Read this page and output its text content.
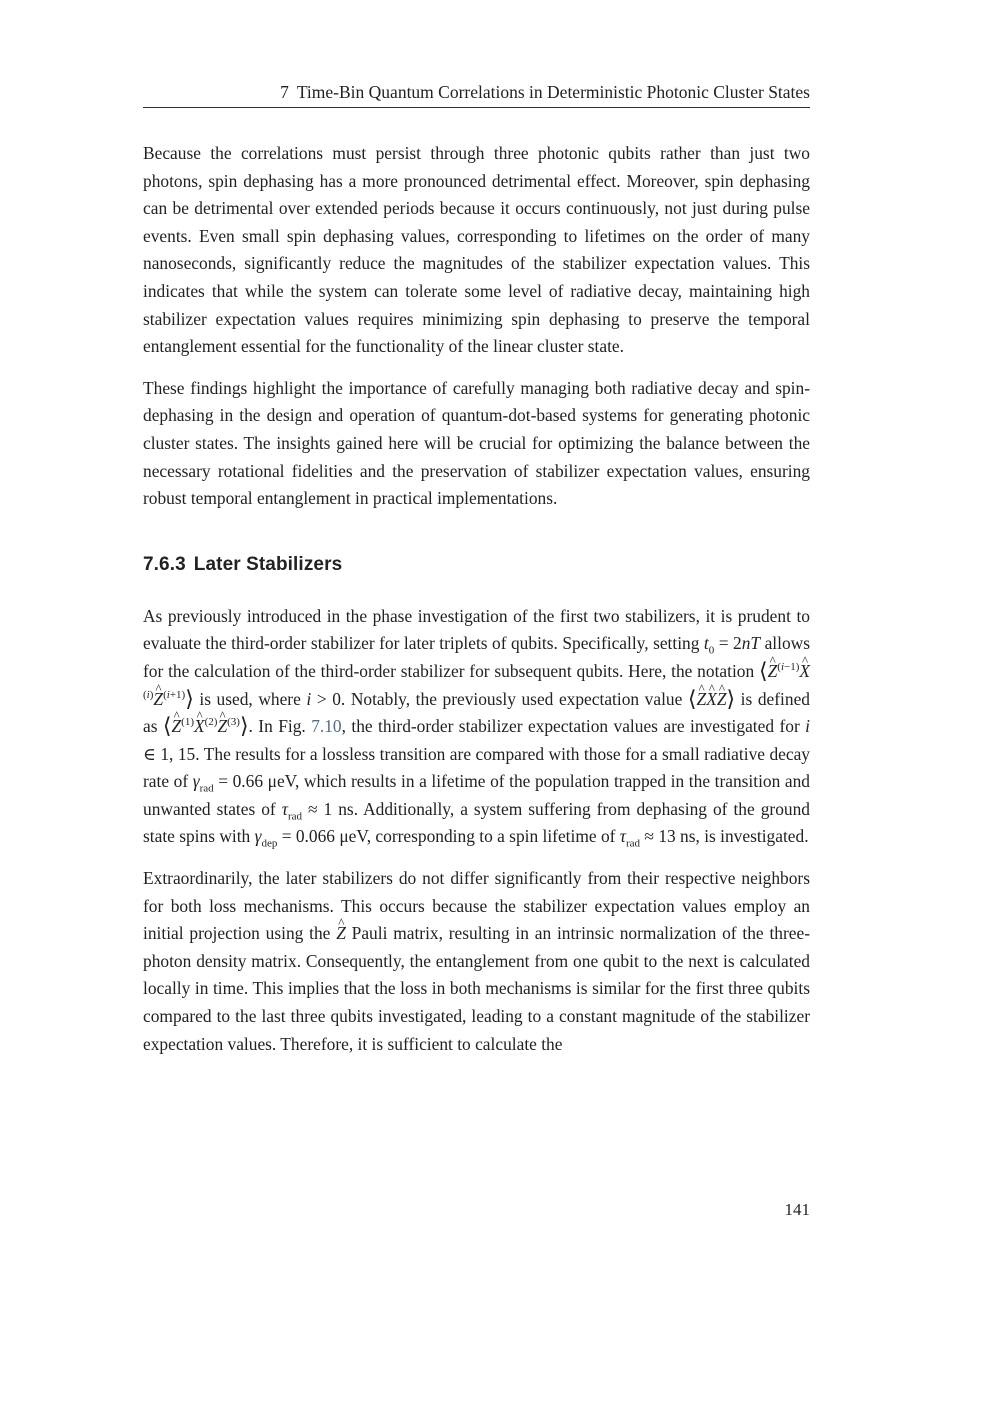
7 Time-Bin Quantum Correlations in Deterministic Photonic Cluster States

Because the correlations must persist through three photonic qubits rather than just two photons, spin dephasing has a more pronounced detrimental effect. Moreover, spin dephasing can be detrimental over extended periods because it occurs continuously, not just during pulse events. Even small spin dephasing values, corresponding to lifetimes on the order of many nanoseconds, significantly reduce the magnitudes of the stabilizer expectation values. This indicates that while the system can tolerate some level of radiative decay, maintaining high stabilizer expectation values requires minimizing spin dephasing to preserve the temporal entanglement essential for the functionality of the linear cluster state.

These findings highlight the importance of carefully managing both radiative decay and spin-dephasing in the design and operation of quantum-dot-based systems for generating photonic cluster states. The insights gained here will be crucial for optimizing the balance between the necessary rotational fidelities and the preservation of stabilizer expectation values, ensuring robust temporal entanglement in practical implementations.

7.6.3 Later Stabilizers

As previously introduced in the phase investigation of the first two stabilizers, it is prudent to evaluate the third-order stabilizer for later triplets of qubits. Specifically, setting $t_0 = 2nT$ allows for the calculation of the third-order stabilizer for subsequent qubits. Here, the notation ⟨^ $Z^{(i-1)}\^{}$ $X^{(i)}\^{}$ $Z^{(i+1)}⟩$ is used, where i > 0. Notably, the previously used expectation value ⟨^ Z^ X^ Z⟩ is defined as ⟨^ $Z^{(1)}\^{}$ $X^{(2)}\^{}$ $Z^{(3)}⟩$. In Fig. 7.10, the third-order stabilizer expectation values are investigated for i ∈ 1, 15. The results for a lossless transition are compared with those for a small radiative decay rate of $\gamma_{rad} = 0.66$ μeV, which results in a lifetime of the population trapped in the transition and unwanted states of $\tau_{rad} \approx 1$ ns. Additionally, a system suffering from dephasing of the ground state spins with $\gamma_{dep} = 0.066$ μeV, corresponding to a spin lifetime of $\tau_{rad} \approx 13$ ns, is investigated.

Extraordinarily, the later stabilizers do not differ significantly from their respective neighbors for both loss mechanisms. This occurs because the stabilizer expectation values employ an initial projection using the ^ Z Pauli matrix, resulting in an intrinsic normalization of the three-photon density matrix. Consequently, the entanglement from one qubit to the next is calculated locally in time. This implies that the loss in both mechanisms is similar for the first three qubits compared to the last three qubits investigated, leading to a constant magnitude of the stabilizer expectation values. Therefore, it is sufficient to calculate the

141
